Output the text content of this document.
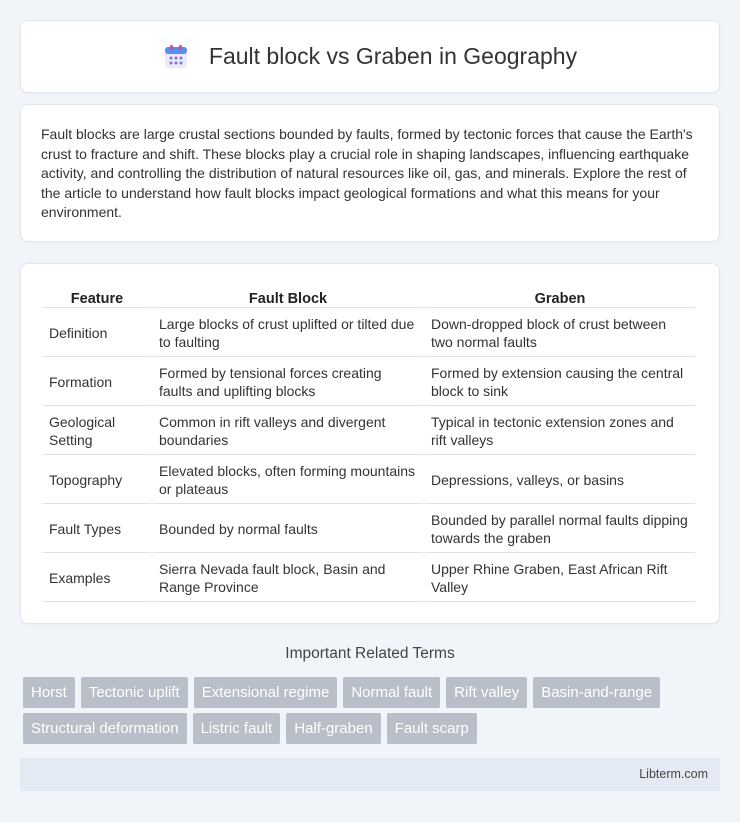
Fault block vs Graben in Geography

Fault blocks are large crustal sections bounded by faults, formed by tectonic forces that cause the Earth's crust to fracture and shift. These blocks play a crucial role in shaping landscapes, influencing earthquake activity, and controlling the distribution of natural resources like oil, gas, and minerals. Explore the rest of the article to understand how fault blocks impact geological formations and what this means for your environment.

Feature	Fault Block	Graben
Definition	Large blocks of crust uplifted or tilted due to faulting	Down-dropped block of crust between two normal faults
Formation	Formed by tensional forces creating faults and uplifting blocks	Formed by extension causing the central block to sink
Geological Setting	Common in rift valleys and divergent boundaries	Typical in tectonic extension zones and rift valleys
Topography	Elevated blocks, often forming mountains or plateaus	Depressions, valleys, or basins
Fault Types	Bounded by normal faults	Bounded by parallel normal faults dipping towards the graben
Examples	Sierra Nevada fault block, Basin and Range Province	Upper Rhine Graben, East African Rift Valley
Important Related Terms
Horst	Tectonic uplift	Extensional regime	Normal fault	Rift valley	Basin-and-range
Structural deformation	Listric fault	Half-graben	Fault scarp
Libterm.com
